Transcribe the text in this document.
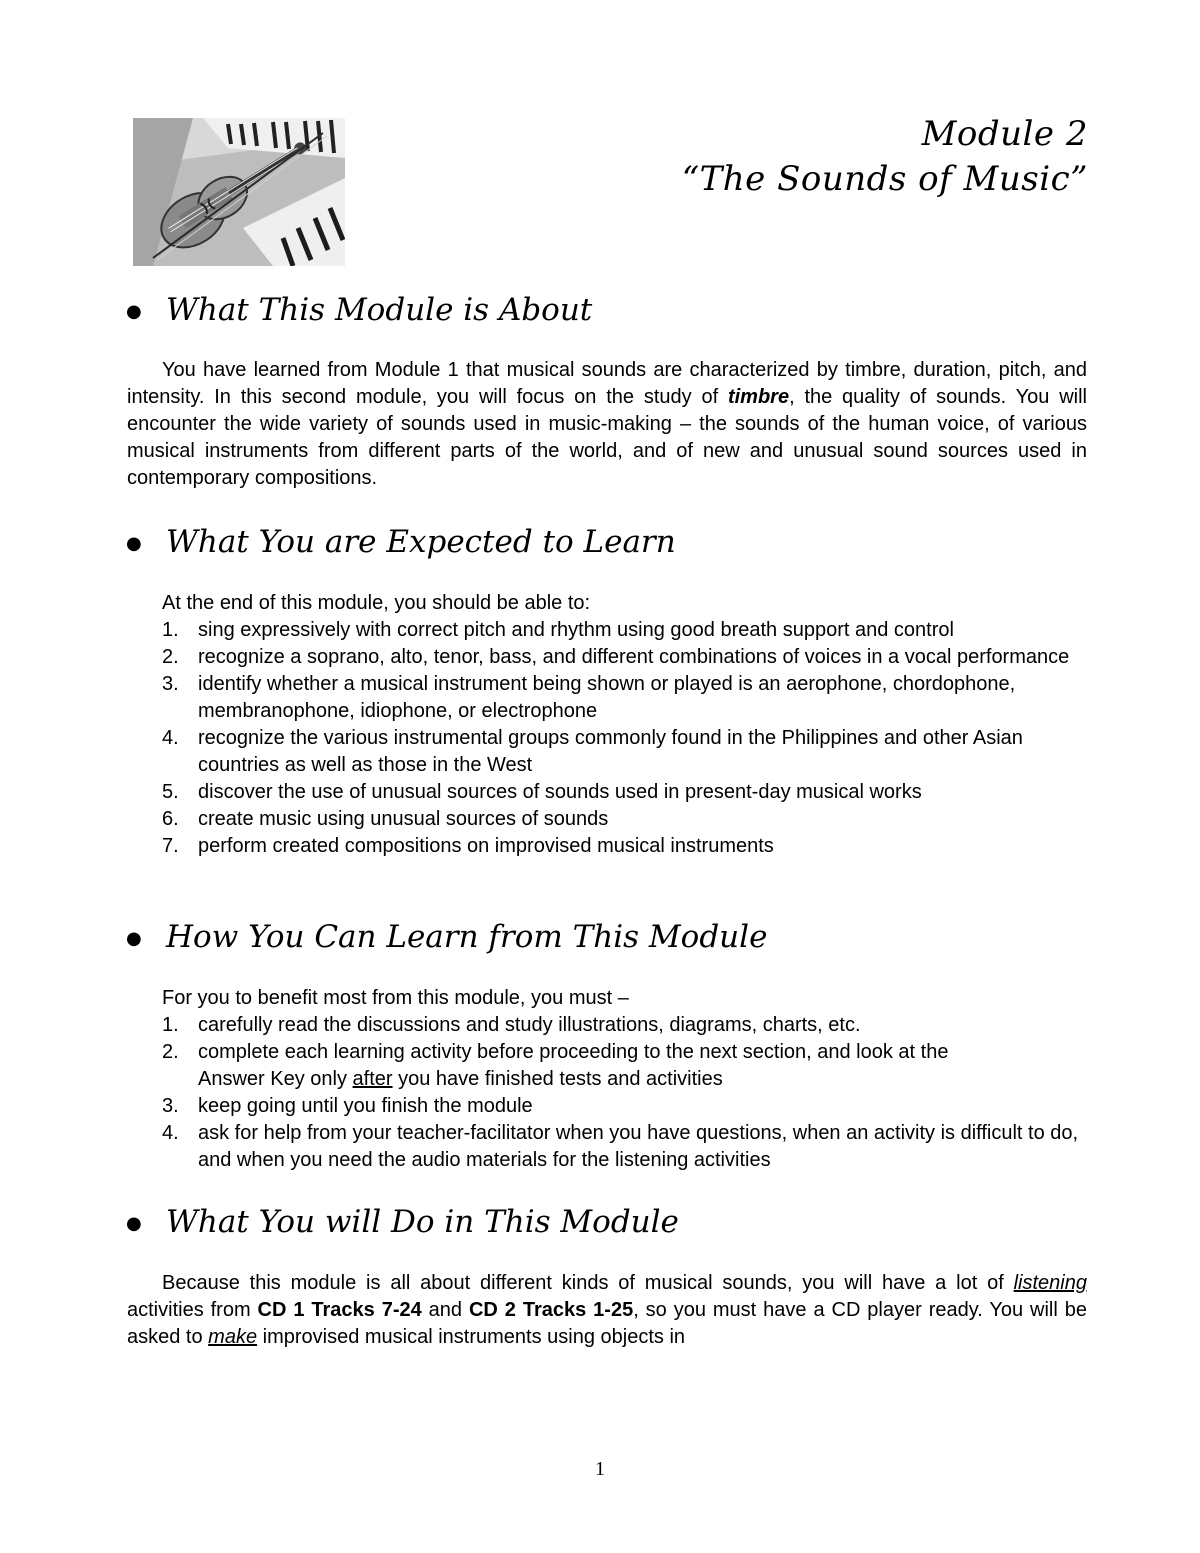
Module 2
“The Sounds of Music”
● What This Module is About
You have learned from Module 1 that musical sounds are characterized by timbre, duration, pitch, and intensity. In this second module, you will focus on the study of timbre, the quality of sounds. You will encounter the wide variety of sounds used in music-making – the sounds of the human voice, of various musical instruments from different parts of the world, and of new and unusual sound sources used in contemporary compositions.
● What You are Expected to Learn
At the end of this module, you should be able to:
1. sing expressively with correct pitch and rhythm using good breath support and control
2. recognize a soprano, alto, tenor, bass, and different combinations of voices in a vocal performance
3. identify whether a musical instrument being shown or played is an aerophone, chordophone, membranophone, idiophone, or electrophone
4. recognize the various instrumental groups commonly found in the Philippines and other Asian countries as well as those in the West
5. discover the use of unusual sources of sounds used in present-day musical works
6. create music using unusual sources of sounds
7. perform created compositions on improvised musical instruments
● How You Can Learn from This Module
For you to benefit most from this module, you must –
1. carefully read the discussions and study illustrations, diagrams, charts, etc.
2. complete each learning activity before proceeding to the next section, and look at the
Answer Key only after you have finished tests and activities
3. keep going until you finish the module
4. ask for help from your teacher-facilitator when you have questions, when an activity is difficult to do, and when you need the audio materials for the listening activities
● What You will Do in This Module
Because this module is all about different kinds of musical sounds, you will have a lot of listening activities from CD 1 Tracks 7-24 and CD 2 Tracks 1-25, so you must have a CD player ready. You will be asked to make improvised musical instruments using objects in
1
